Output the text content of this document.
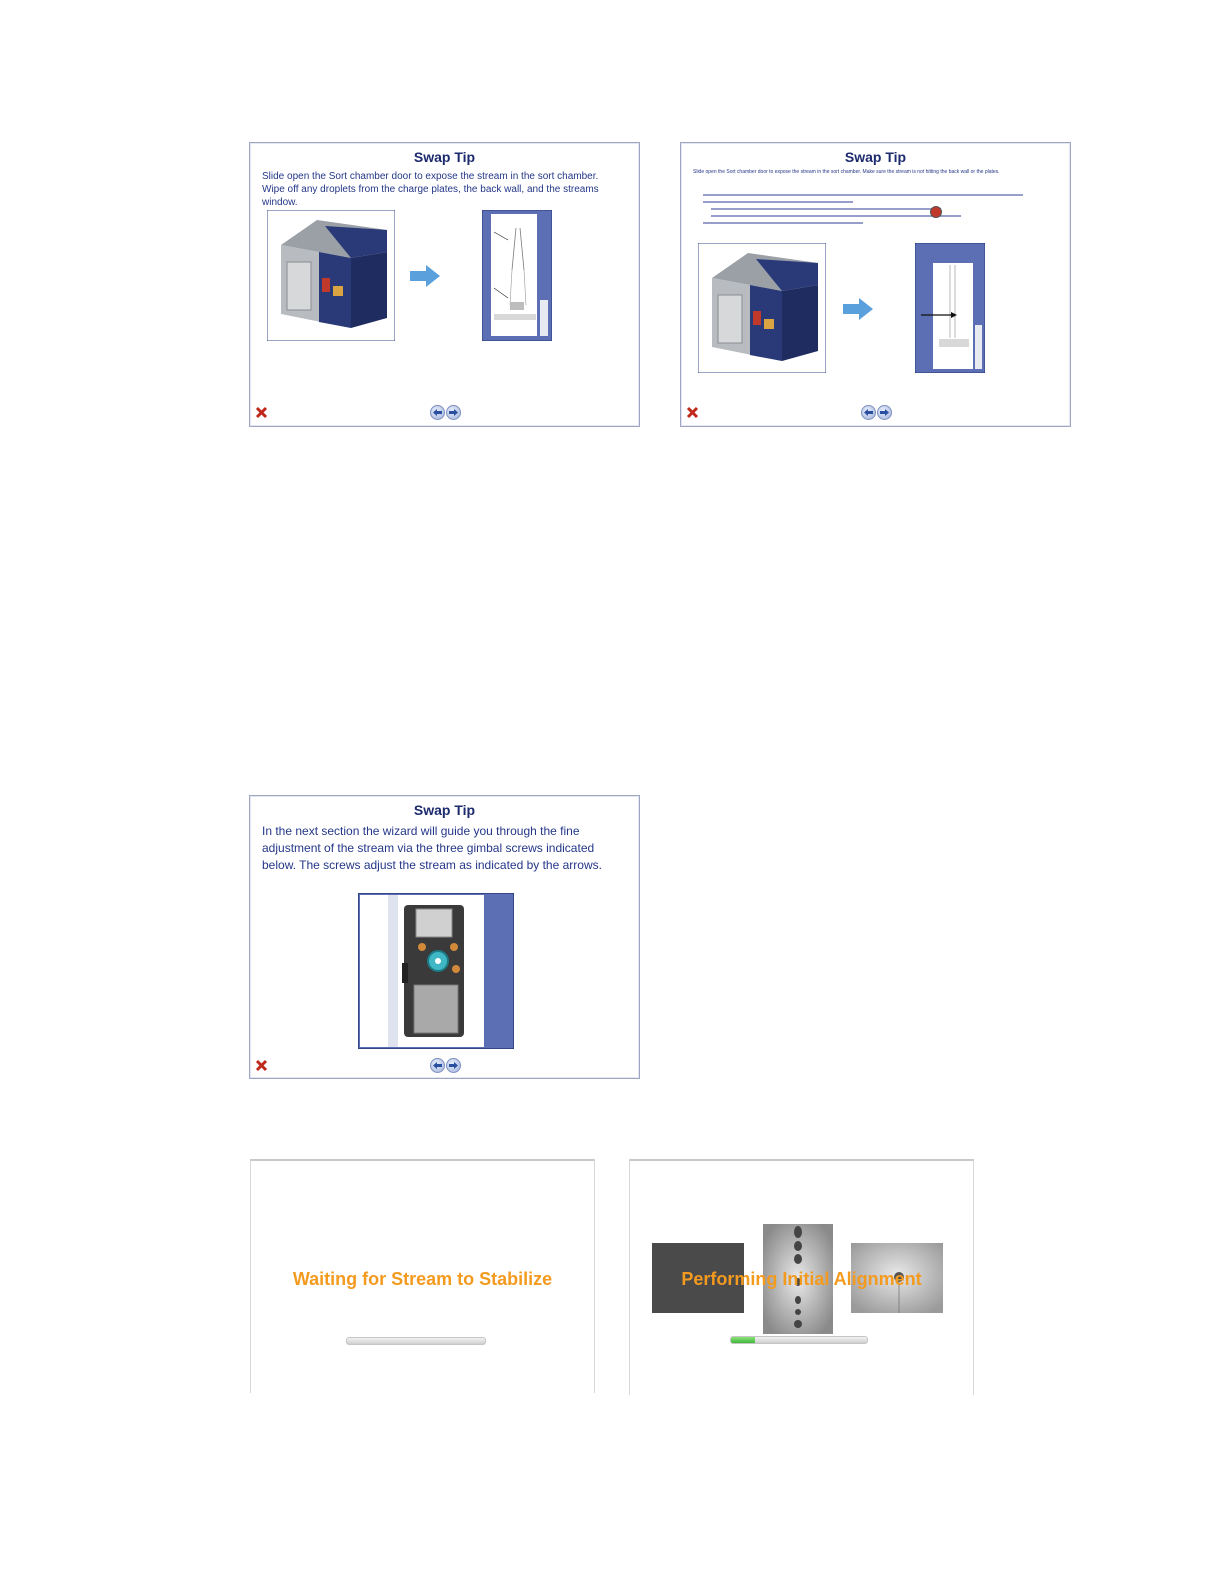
Swap Tip
Slide open the Sort chamber door to expose the stream in the sort chamber. Wipe off any droplets from the charge plates, the back wall, and the streams window.
Swap Tip
Slide open the Sort chamber door to expose the stream in the sort chamber. Make sure the stream is not hitting the back wall or the plates.
Swap Tip
In the next section the wizard will guide you through the fine adjustment of the stream via the three gimbal screws indicated below. The screws adjust the stream as indicated by the arrows.
Waiting for Stream to Stabilize	Performing Initial Alignment
